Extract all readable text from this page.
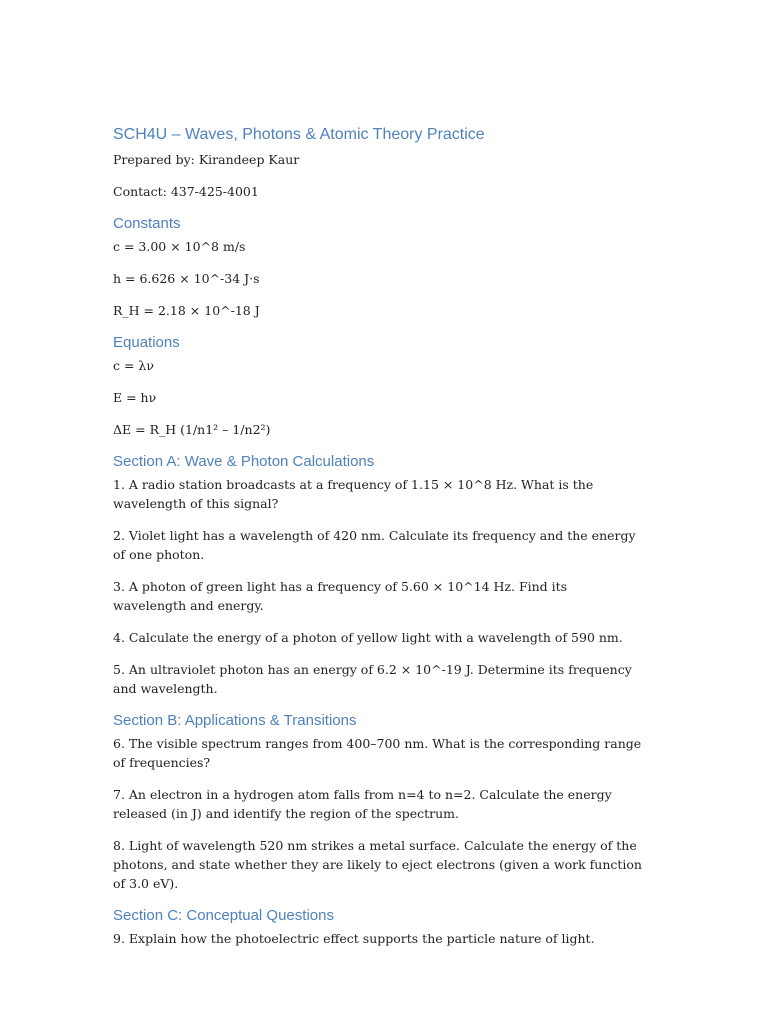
SCH4U – Waves, Photons & Atomic Theory Practice
Prepared by: Kirandeep Kaur
Contact: 437-425-4001
Constants
c = 3.00 × 10^8 m/s
h = 6.626 × 10^-34 J·s
R_H = 2.18 × 10^-18 J
Equations
c = λν
E = hν
ΔE = R_H (1/n1² – 1/n2²)
Section A: Wave & Photon Calculations
1. A radio station broadcasts at a frequency of 1.15 × 10^8 Hz. What is the wavelength of this signal?
2. Violet light has a wavelength of 420 nm. Calculate its frequency and the energy of one photon.
3. A photon of green light has a frequency of 5.60 × 10^14 Hz. Find its wavelength and energy.
4. Calculate the energy of a photon of yellow light with a wavelength of 590 nm.
5. An ultraviolet photon has an energy of 6.2 × 10^-19 J. Determine its frequency and wavelength.
Section B: Applications & Transitions
6. The visible spectrum ranges from 400–700 nm. What is the corresponding range of frequencies?
7. An electron in a hydrogen atom falls from n=4 to n=2. Calculate the energy released (in J) and identify the region of the spectrum.
8. Light of wavelength 520 nm strikes a metal surface. Calculate the energy of the photons, and state whether they are likely to eject electrons (given a work function of 3.0 eV).
Section C: Conceptual Questions
9. Explain how the photoelectric effect supports the particle nature of light.
